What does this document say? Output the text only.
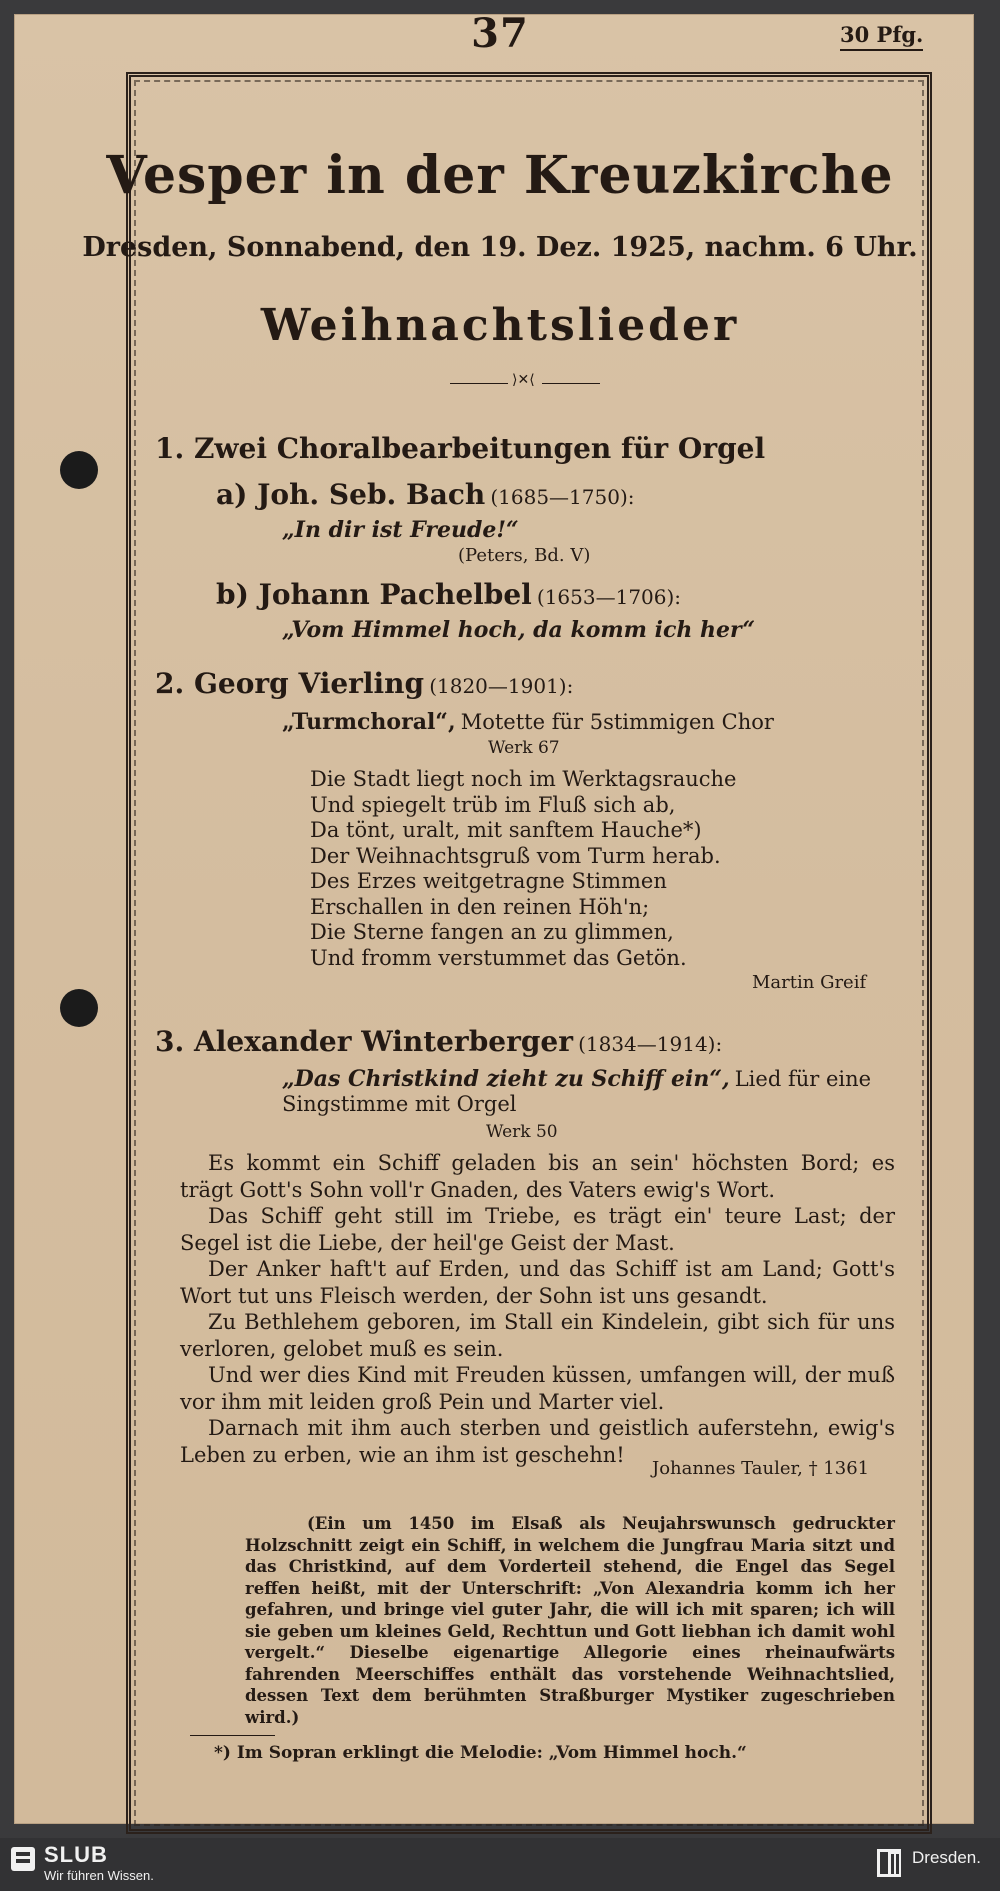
37	30 Pfg.
Vesper in der Kreuzkirche
Dresden, Sonnabend, den 19. Dez. 1925, nachm. 6 Uhr.
Weihnachtslieder
⟩✕⟨
1. Zwei Choralbearbeitungen für Orgel
a) Joh. Seb. Bach (1685—1750):
„In dir ist Freude!“
(Peters, Bd. V)
b) Johann Pachelbel (1653—1706):
„Vom Himmel hoch, da komm ich her“
2. Georg Vierling (1820—1901):
„Turmchoral“, Motette für 5stimmigen Chor
Werk 67
Die Stadt liegt noch im Werktagsrauche
Und spiegelt trüb im Fluß sich ab,
Da tönt, uralt, mit sanftem Hauche*)
Der Weihnachtsgruß vom Turm herab.
Des Erzes weitgetragne Stimmen
Erschallen in den reinen Höh'n;
Die Sterne fangen an zu glimmen,
Und fromm verstummet das Getön.
Martin Greif
3. Alexander Winterberger (1834—1914):
„Das Christkind zieht zu Schiff ein“, Lied für eine
Singstimme mit Orgel
Werk 50

Es kommt ein Schiff geladen bis an sein' höchsten Bord; es trägt Gott's Sohn voll'r Gnaden, des Vaters ewig's Wort.

Das Schiff geht still im Triebe, es trägt ein' teure Last; der Segel ist die Liebe, der heil'ge Geist der Mast.

Der Anker haft't auf Erden, und das Schiff ist am Land; Gott's Wort tut uns Fleisch werden, der Sohn ist uns gesandt.

Zu Bethlehem geboren, im Stall ein Kindelein, gibt sich für uns verloren, gelobet muß es sein.

Und wer dies Kind mit Freuden küssen, umfangen will, der muß vor ihm mit leiden groß Pein und Marter viel.

Darnach mit ihm auch sterben und geistlich auferstehn, ewig's Leben zu erben, wie an ihm ist geschehn!

Johannes Tauler, † 1361

(Ein um 1450 im Elsaß als Neujahrswunsch gedruckter Holzschnitt zeigt ein Schiff, in welchem die Jungfrau Maria sitzt und das Christkind, auf dem Vorderteil stehend, die Engel das Segel reffen heißt, mit der Unterschrift: „Von Alexandria komm ich her gefahren, und bringe viel guter Jahr, die will ich mit sparen; ich will sie geben um kleines Geld, Rechttun und Gott liebhan ich damit wohl vergelt.“ Dieselbe eigenartige Allegorie eines rheinaufwärts fahrenden Meerschiffes enthält das vorstehende Weihnachtslied, dessen Text dem berühmten Straßburger Mystiker zugeschrieben wird.)

*) Im Sopran erklingt die Melodie: „Vom Himmel hoch.“
SLUB
Wir führen Wissen.
Dresden.
